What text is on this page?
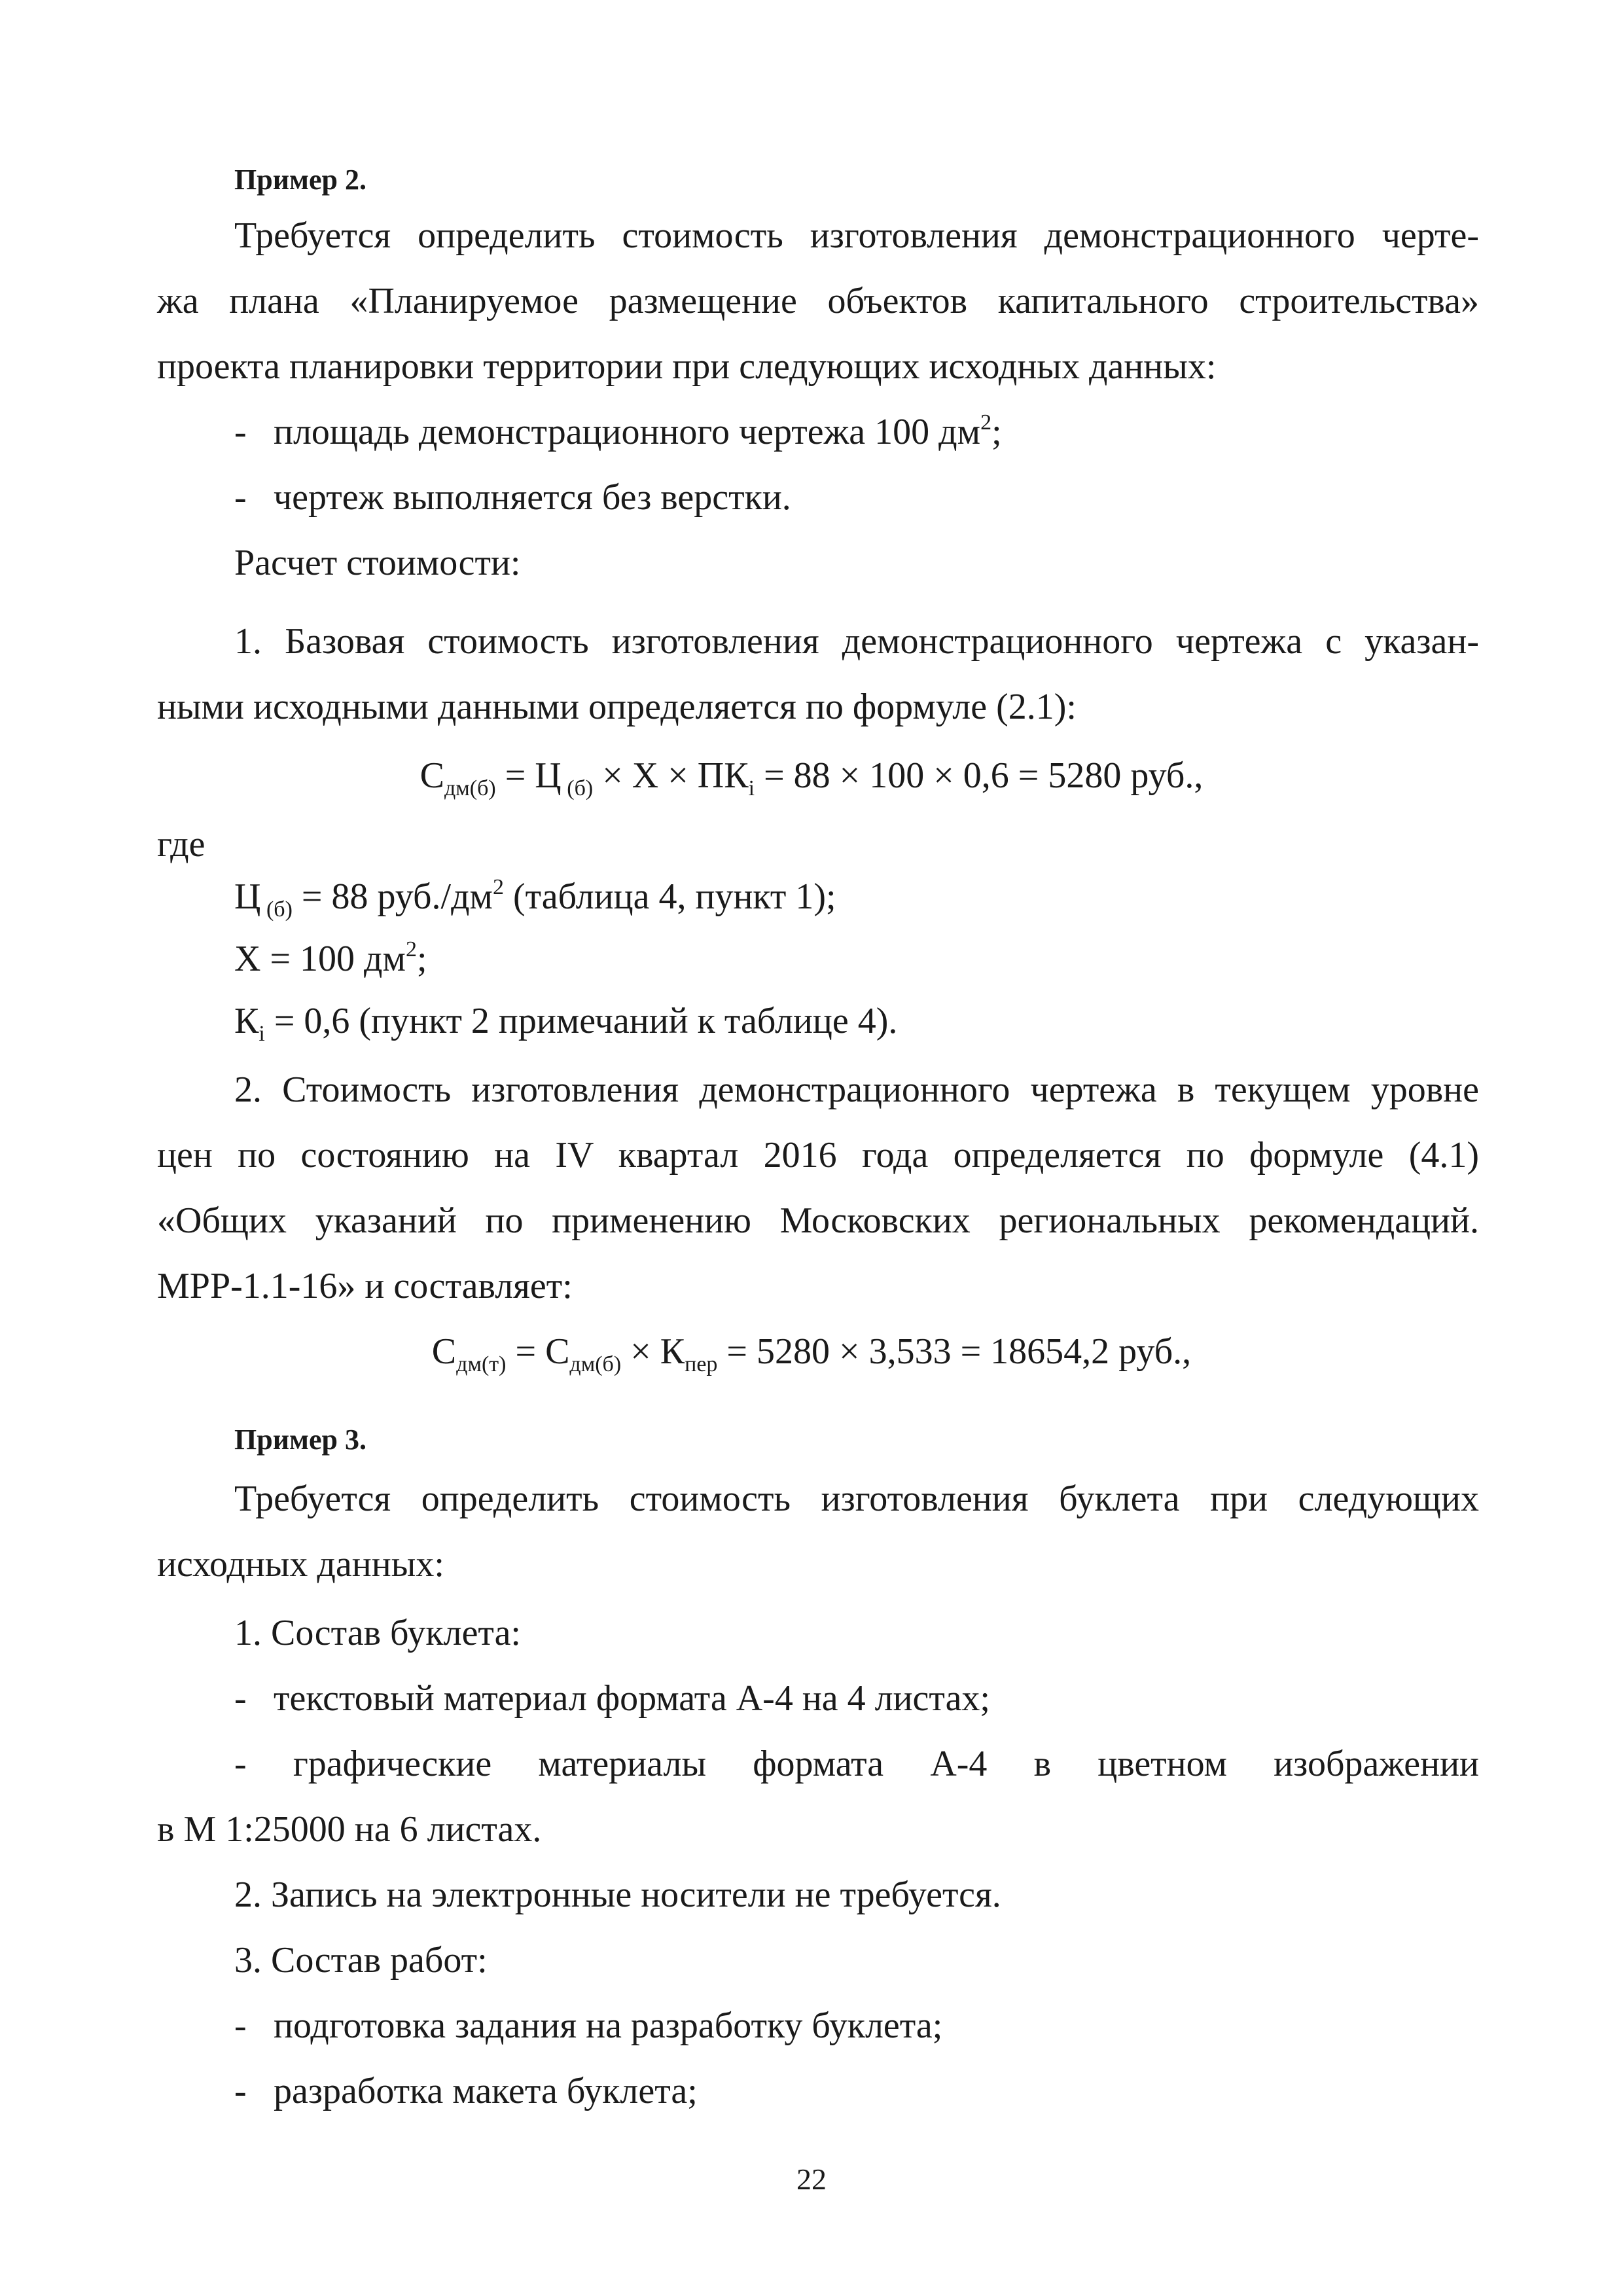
Пример 2.
Требуется определить стоимость изготовления демонстрационного черте-
жа плана «Планируемое размещение объектов капитального строительства»
проекта планировки территории при следующих исходных данных:
- площадь демонстрационного чертежа 100 $дм^2$;
- чертеж выполняется без верстки.
Расчет стоимости:
1. Базовая стоимость изготовления демонстрационного чертежа с указан-
ными исходными данными определяется по формуле (2.1):
$С_{дм(б)} = Ц$ $_{(б)} \times Х \times ПК_i = 88 \times 100 \times 0,6 = 5280$ руб.,
где
Ц $_{(б)}$ = 88 $руб./дм^2$ (таблица 4, пункт 1);
Х = 100 $дм^2$;
$К_i = 0,6$ (пункт 2 примечаний к таблице 4).
2. Стоимость изготовления демонстрационного чертежа в текущем уровне
цен по состоянию на IV квартал 2016 года определяется по формуле (4.1)
«Общих указаний по применению Московских региональных рекомендаций.
МРР-1.1-16» и составляет:
$С_{дм(т)} = С_{дм(б)} \times К_{пер} = 5280 \times 3,533 = 18654,2$ руб.,
Пример 3.
Требуется определить стоимость изготовления буклета при следующих
исходных данных:
1. Состав буклета:
- текстовый материал формата А-4 на 4 листах;
- графические материалы формата А-4 в цветном изображении
в М 1:25000 на 6 листах.
2. Запись на электронные носители не требуется.
3. Состав работ:
- подготовка задания на разработку буклета;
- разработка макета буклета;
22
